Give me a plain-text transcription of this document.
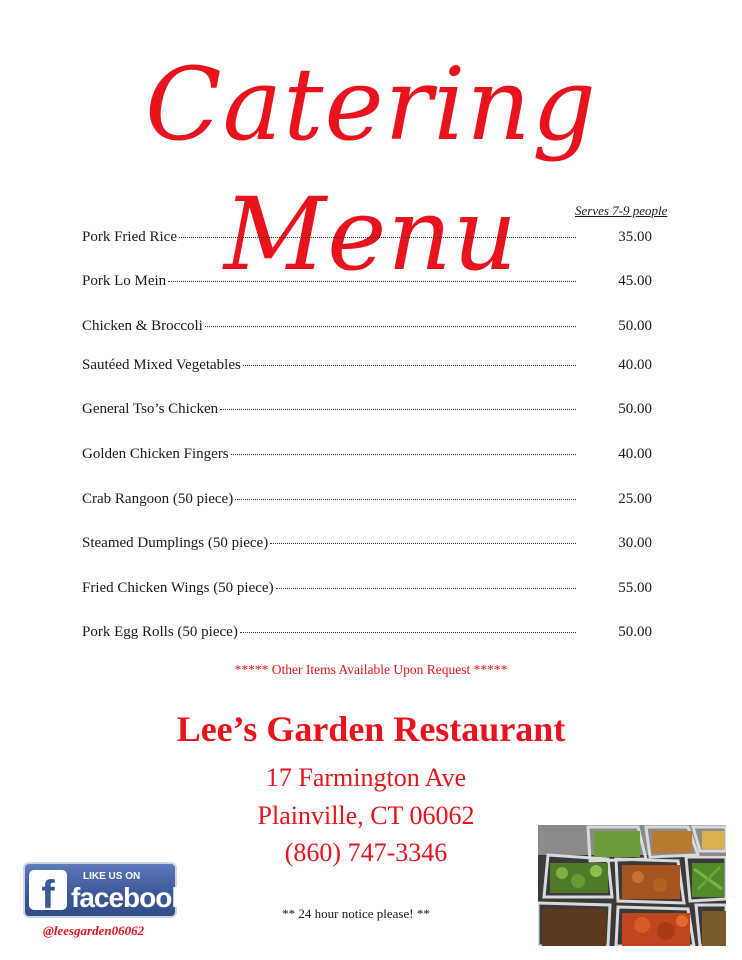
Catering Menu	Serves 7-9 people
Pork Fried Rice	35.00
Pork Lo Mein	45.00
Chicken & Broccoli	50.00
Sautéed Mixed Vegetables	40.00
General Tso’s Chicken	50.00
Golden Chicken Fingers	40.00
Crab Rangoon (50 piece)	25.00
Steamed Dumplings (50 piece)	30.00
Fried Chicken Wings (50 piece)	55.00
Pork Egg Rolls (50 piece)	50.00
***** Other Items Available Upon Request *****
Lee’s Garden Restaurant
17 Farmington Ave
Plainville, CT 06062
(860) 747-3346
** 24 hour notice please! **
f	LIKE US ON
facebook
@leesgarden06062
